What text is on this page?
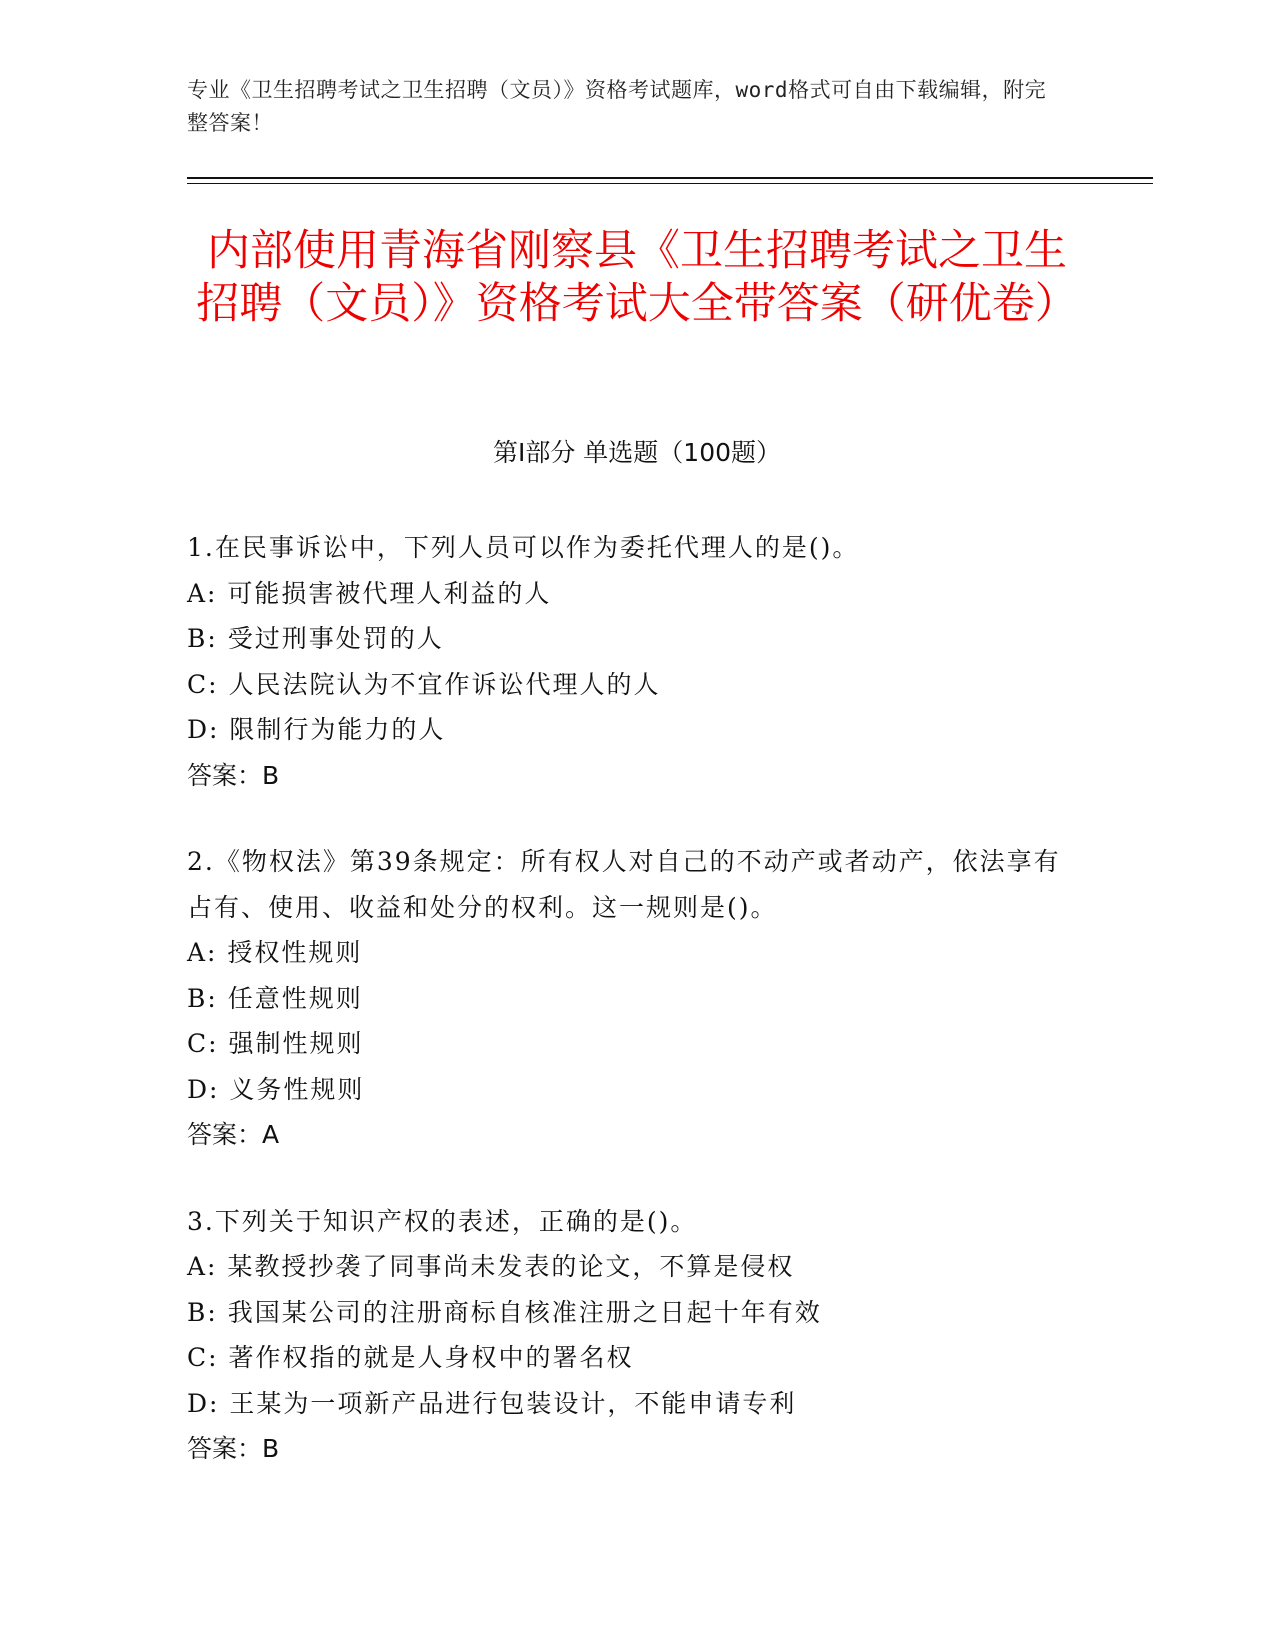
专业《卫生招聘考试之卫生招聘（文员）》资格考试题库，word格式可自由下载编辑，附完整答案！
内部使用青海省刚察县《卫生招聘考试之卫生招聘（文员）》资格考试大全带答案（研优卷）
第Ⅰ部分 单选题（100题）

1.在民事诉讼中，下列人员可以作为委托代理人的是()。

A: 可能损害被代理人利益的人

B: 受过刑事处罚的人

C: 人民法院认为不宜作诉讼代理人的人

D: 限制行为能力的人

答案：B

2.《物权法》第39条规定：所有权人对自己的不动产或者动产，依法享有占有、使用、收益和处分的权利。这一规则是()。

A: 授权性规则

B: 任意性规则

C: 强制性规则

D: 义务性规则

答案：A

3.下列关于知识产权的表述，正确的是()。

A: 某教授抄袭了同事尚未发表的论文，不算是侵权

B: 我国某公司的注册商标自核准注册之日起十年有效

C: 著作权指的就是人身权中的署名权

D: 王某为一项新产品进行包装设计，不能申请专利

答案：B
